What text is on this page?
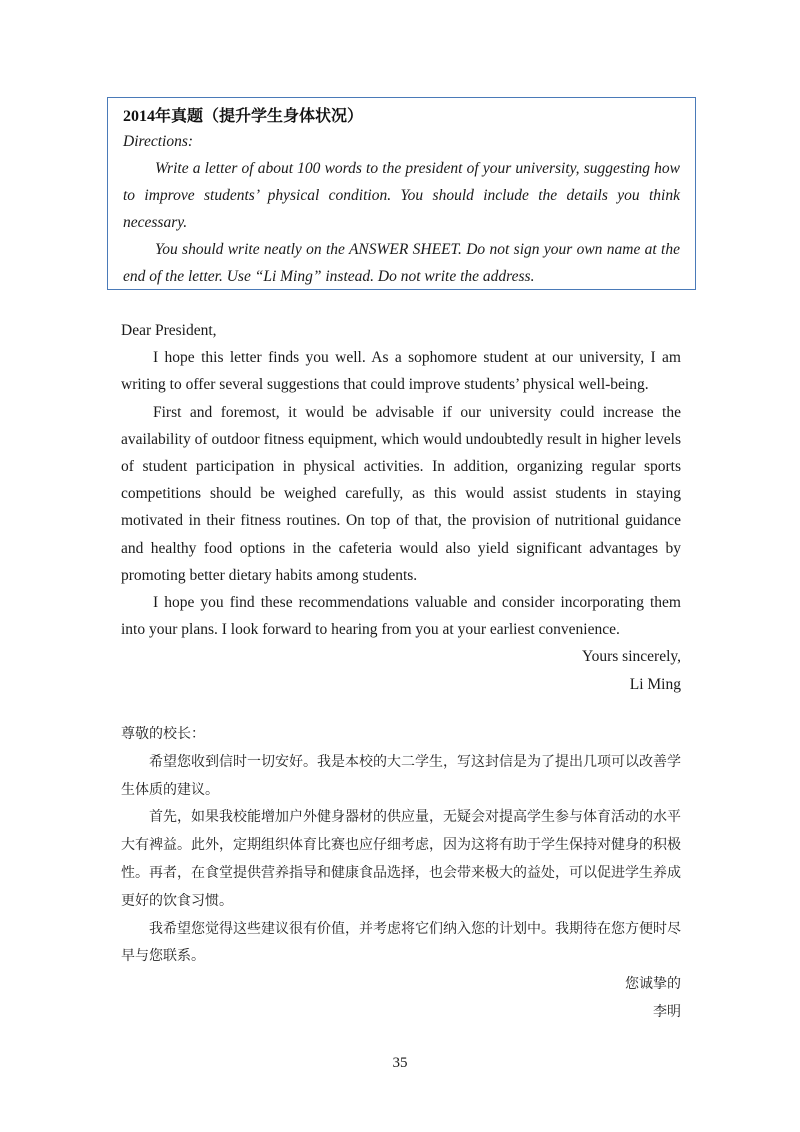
2014年真题（提升学生身体状况）

Directions:

Write a letter of about 100 words to the president of your university, suggesting how to improve students’ physical condition. You should include the details you think necessary.

You should write neatly on the ANSWER SHEET. Do not sign your own name at the end of the letter. Use “Li Ming” instead. Do not write the address.

Dear President,

I hope this letter finds you well. As a sophomore student at our university, I am writing to offer several suggestions that could improve students’ physical well-being.

First and foremost, it would be advisable if our university could increase the availability of outdoor fitness equipment, which would undoubtedly result in higher levels of student participation in physical activities. In addition, organizing regular sports competitions should be weighed carefully, as this would assist students in staying motivated in their fitness routines. On top of that, the provision of nutritional guidance and healthy food options in the cafeteria would also yield significant advantages by promoting better dietary habits among students.

I hope you find these recommendations valuable and consider incorporating them into your plans. I look forward to hearing from you at your earliest convenience.

Yours sincerely,

Li Ming

尊敬的校长：

希望您收到信时一切安好。我是本校的大二学生，写这封信是为了提出几项可以改善学生体质的建议。

首先，如果我校能增加户外健身器材的供应量，无疑会对提高学生参与体育活动的水平大有裨益。此外，定期组织体育比赛也应仔细考虑，因为这将有助于学生保持对健身的积极性。再者，在食堂提供营养指导和健康食品选择，也会带来极大的益处，可以促进学生养成更好的饮食习惯。

我希望您觉得这些建议很有价值，并考虑将它们纳入您的计划中。我期待在您方便时尽早与您联系。

您诚挚的

李明

35
